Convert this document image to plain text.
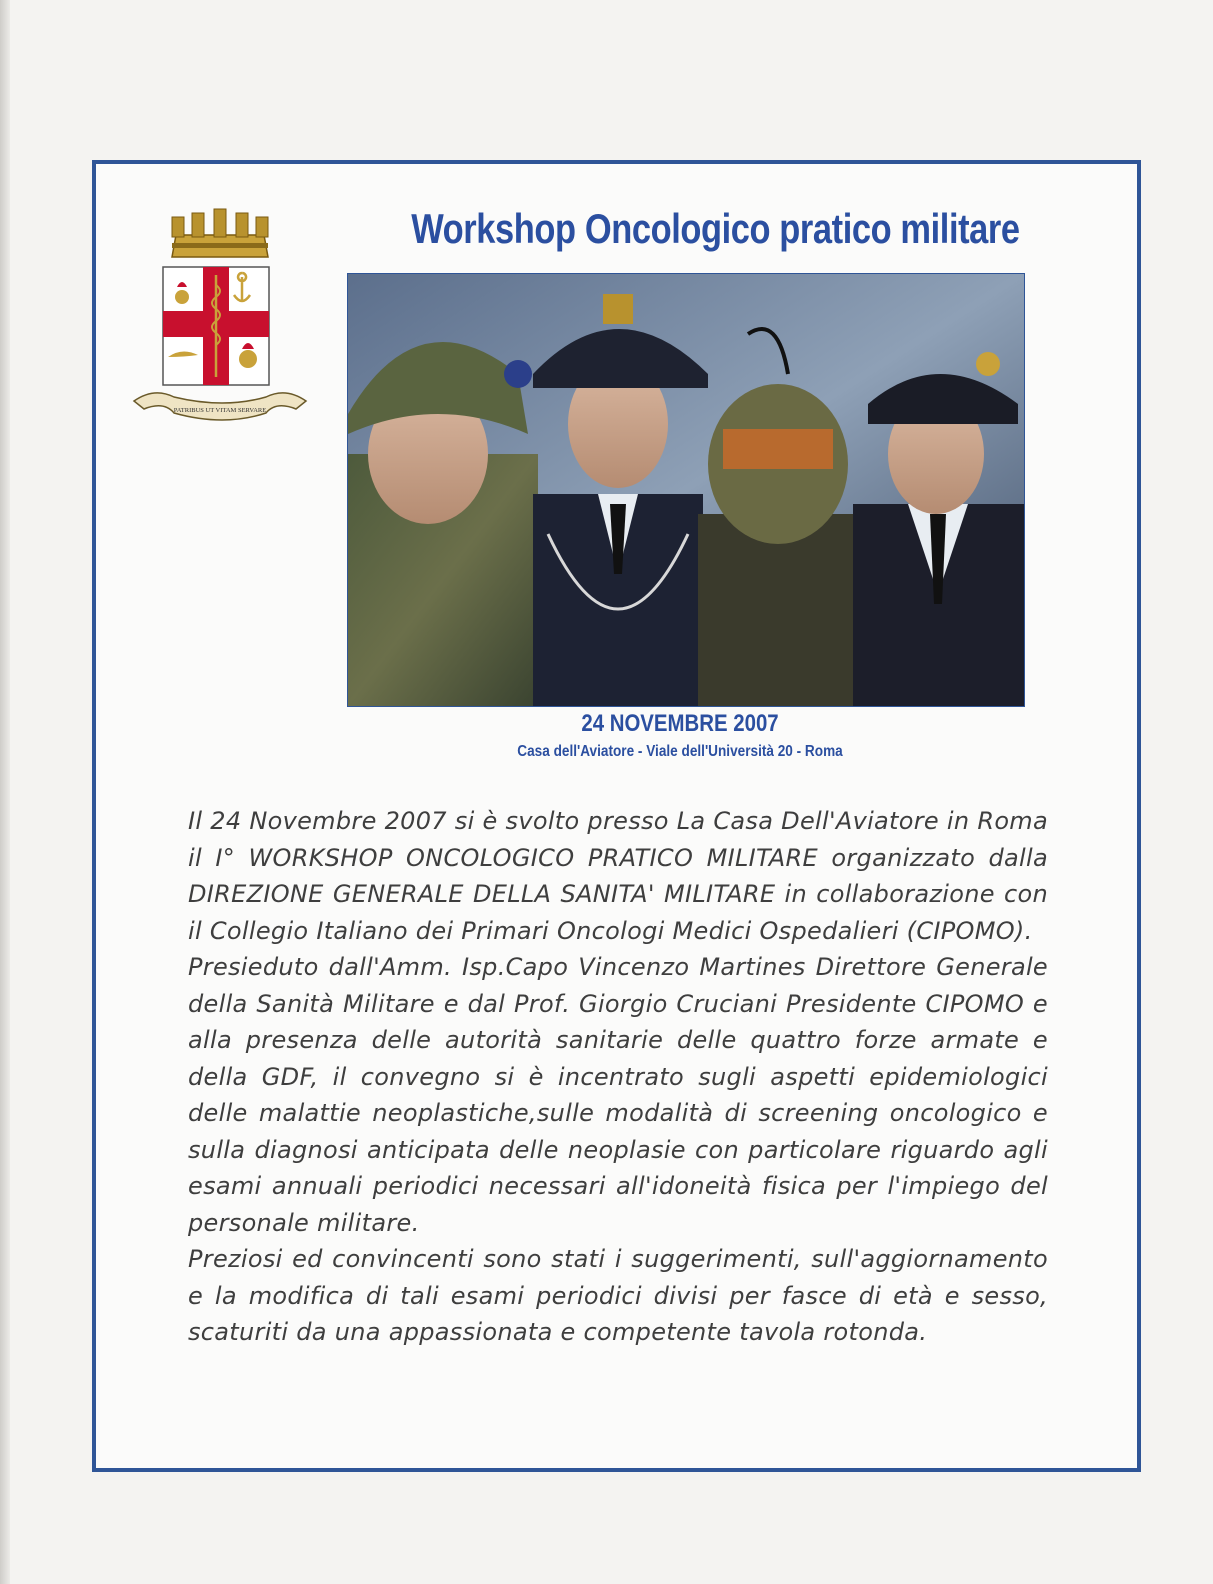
PATRIBUS UT VITAM SERVARE
Workshop Oncologico pratico militare
24 NOVEMBRE 2007
Casa dell'Aviatore - Viale dell'Università 20 - Roma

Il 24 Novembre 2007 si è svolto presso La Casa Dell'Aviatore in Roma il I° WORKSHOP ONCOLOGICO PRATICO MILITARE organizzato dalla DIREZIONE GENERALE DELLA SANITA' MILITARE in collaborazione con il Collegio Italiano dei Primari Oncologi Medici Ospedalieri (CIPOMO).

Presieduto dall'Amm. Isp.Capo Vincenzo Martines Direttore Generale della Sanità Militare e dal Prof. Giorgio Cruciani Presidente CIPOMO e alla presenza delle autorità sanitarie delle quattro forze armate e della GDF, il convegno si è incentrato sugli aspetti epidemiologici delle malattie neoplastiche,sulle modalità di screening oncologico e sulla diagnosi anticipata delle neoplasie con particolare riguardo agli esami annuali periodici necessari all'idoneità fisica per l'impiego del personale militare.

Preziosi ed convincenti sono stati i suggerimenti, sull'aggiornamento e la modifica di tali esami periodici divisi per fasce di età e sesso, scaturiti da una appassionata e competente tavola rotonda.
